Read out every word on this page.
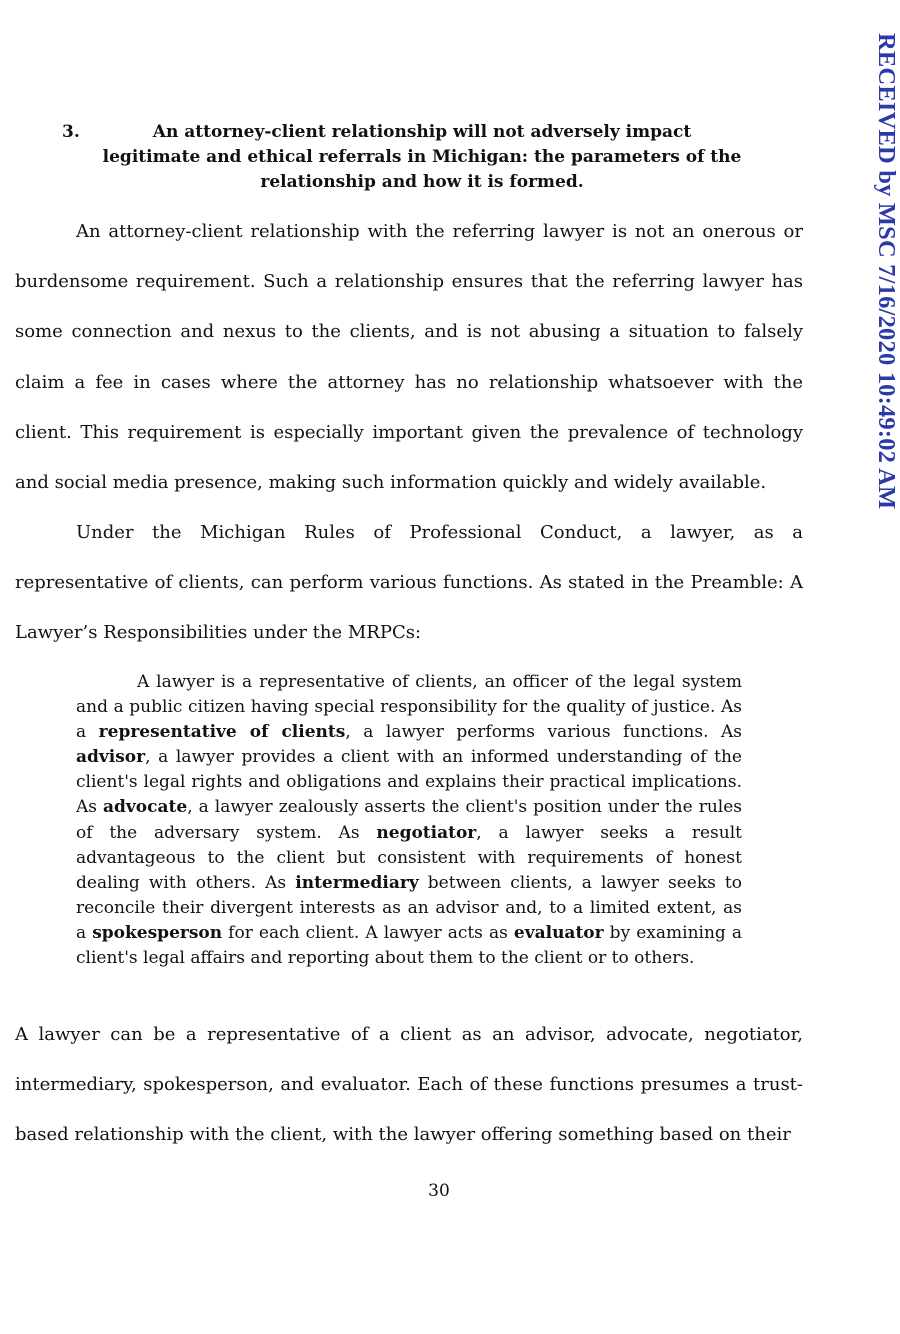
RECEIVED by MSC 7/16/2020 10:49:02 AM
3.	An attorney-client relationship will not adversely impact legitimate and ethical referrals in Michigan: the parameters of the relationship and how it is formed.

An attorney-client relationship with the referring lawyer is not an onerous or burdensome requirement. Such a relationship ensures that the referring lawyer has some connection and nexus to the clients, and is not abusing a situation to falsely claim a fee in cases where the attorney has no relationship whatsoever with the client. This requirement is especially important given the prevalence of technology and social media presence, making such information quickly and widely available.

Under the Michigan Rules of Professional Conduct, a lawyer, as a representative of clients, can perform various functions. As stated in the Preamble: A Lawyer’s Responsibilities under the MRPCs:

A lawyer is a representative of clients, an officer of the legal system and a public citizen having special responsibility for the quality of justice. As a representative of clients, a lawyer performs various functions. As advisor, a lawyer provides a client with an informed understanding of the client's legal rights and obligations and explains their practical implications. As advocate, a lawyer zealously asserts the client's position under the rules of the adversary system. As negotiator, a lawyer seeks a result advantageous to the client but consistent with requirements of honest dealing with others. As intermediary between clients, a lawyer seeks to reconcile their divergent interests as an advisor and, to a limited extent, as a spokesperson for each client. A lawyer acts as evaluator by examining a client's legal affairs and reporting about them to the client or to others.

A lawyer can be a representative of a client as an advisor, advocate, negotiator, intermediary, spokesperson, and evaluator. Each of these functions presumes a trust-based relationship with the client, with the lawyer offering something based on their

30
